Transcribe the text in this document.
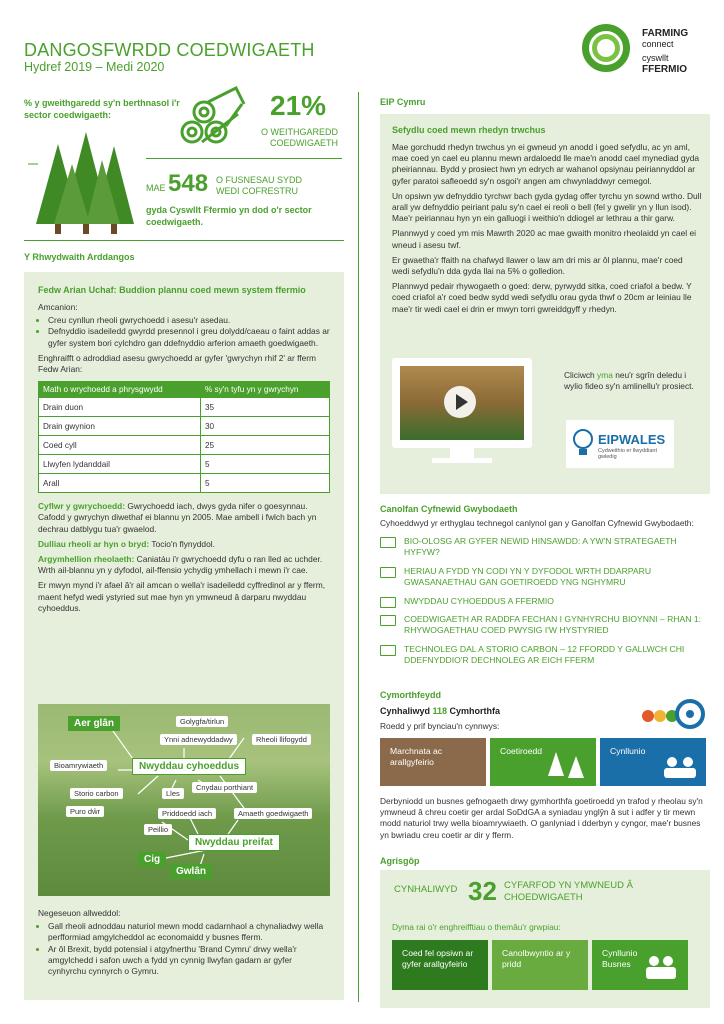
DANGOSFWRDD COEDWIGAETH
Hydref 2019 – Medi 2020
FARMING
connect
cyswllt
FFERMIO
% y gweithgaredd sy'n berthnasol i'r sector coedwigaeth:	21%
O WEITHGAREDD COEDWIGAETH
MAE 548 O FUSNESAU SYDD WEDI COFRESTRU
gyda Cyswllt Ffermio yn dod o'r sector coedwigaeth.
Y Rhwydwaith Arddangos
Fedw Arian Uchaf: Buddion plannu coed mewn system ffermio
Amcanion:
• Creu cynllun rheoli gwrychoedd i asesu'r asedau.
• Defnyddio isadeiledd gwyrdd presennol i greu dolydd/caeau o faint addas ar gyfer system bori cylchdro gan ddefnyddio arferion amaeth goedwigaeth.
Enghraifft o adroddiad asesu gwrychoedd ar gyfer 'gwrychyn rhif 2' ar fferm Fedw Arian:
Math o wrychoedd a phrysgwydd	% sy'n tyfu yn y gwrychyn
Drain duon	35
Drain gwynion	30
Coed cyll	25
Llwyfen lydanddail	5
Arall	5
Cyflwr y gwrychoedd: Gwrychoedd iach, dwys gyda nifer o goesynnau. Cafodd y gwrychyn diwethaf ei blannu yn 2005. Mae ambell i fwlch bach yn dechrau datblygu tua'r gwaelod.
Dulliau rheoli ar hyn o bryd: Tocio'n flynyddol.
Argymhellion rheolaeth: Caniatáu i'r gwrychoedd dyfu o ran lled ac uchder. Wrth ail-blannu yn y dyfodol, ail-ffensio ychydig ymhellach i mewn i'r cae.
Er mwyn mynd i'r afael â'r ail amcan o wella'r isadeiledd cyffredinol ar y fferm, maent hefyd wedi ystyried sut mae hyn yn ymwneud â darparu nwyddau cyhoeddus.
Aer glân	Golygfa/tirlun
Ynni adnewyddadwy	Rheoli llifogydd
Bioamrywiaeth	Nwyddau cyhoeddus
Storio carbon	Lles
Cnydau porthiant
Puro dŵr	Priddoedd iach	Amaeth goedwigaeth
Peillio
Nwyddau preifat
Cig
Gwlân
Negeseuon allweddol:
• Gall rheoli adnoddau naturiol mewn modd cadarnhaol a chynaliadwy wella perfformiad amgylcheddol ac economaidd y busnes fferm.
• Ar ôl Brexit, bydd potensial i atgyfnerthu 'Brand Cymru' drwy wella'r amgylchedd i safon uwch a fydd yn cynnig llwyfan gadarn ar gyfer cynhyrchu cynnyrch o Gymru.
EIP Cymru
Sefydlu coed mewn rhedyn trwchus
Mae gorchudd rhedyn trwchus yn ei gwneud yn anodd i goed sefydlu, ac yn aml, mae coed yn cael eu plannu mewn ardaloedd lle mae'n anodd cael mynediad gyda pheiriannau. Bydd y prosiect hwn yn edrych ar wahanol opsiynau peiriannyddol ar gyfer paratoi safleoedd sy'n osgoi'r angen am chwynladdwyr cemegol.
Un opsiwn yw defnyddio tyrchwr bach gyda gydag offer tyrchu yn sownd wrtho. Dull arall yw defnyddio peiriant palu sy'n cael ei reoli o bell (fel y gwelir yn y llun isod). Mae'r peiriannau hyn yn ein galluogi i weithio'n ddiogel ar lethrau a thir garw.
Plannwyd y coed ym mis Mawrth 2020 ac mae gwaith monitro rheolaidd yn cael ei wneud i asesu twf.
Er gwaetha'r ffaith na chafwyd llawer o law am dri mis ar ôl plannu, mae'r coed wedi sefydlu'n dda gyda llai na 5% o golledion.
Plannwyd pedair rhywogaeth o goed: derw, pyrwydd sitka, coed criafol a bedw. Y coed criafol a'r coed bedw sydd wedi sefydlu orau gyda thwf o 20cm ar leiniau lle mae'r tir wedi cael ei drin er mwyn torri gwreiddgyff y rhedyn.
Cliciwch yma neu'r sgrîn deledu i wylio fideo sy'n amlinellu'r prosiect.
EIPWALES
Cydweithio er llwyddiant gwledig
Canolfan Cyfnewid Gwybodaeth
Cyhoeddwyd yr erthyglau technegol canlynol gan y Ganolfan Cyfnewid Gwybodaeth:
BIO-OLOSG AR GYFER NEWID HINSAWDD: A YW'N STRATEGAETH HYFYW?
HERIAU A FYDD YN CODI YN Y DYFODOL WRTH DDARPARU GWASANAETHAU GAN GOETIROEDD YNG NGHYMRU
NWYDDAU CYHOEDDUS A FFERMIO
COEDWIGAETH AR RADDFA FECHAN I GYNHYRCHU BIOYNNI – RHAN 1: RHYWOGAETHAU COED PWYSIG I'W HYSTYRIED
TECHNOLEG DAL A STORIO CARBON – 12 FFORDD Y GALLWCH CHI DDEFNYDDIO'R DECHNOLEG AR EICH FFERM
Cymorthfeydd
Cynhaliwyd 118 Cymhorthfa
Roedd y prif bynciau'n cynnwys:
Marchnata ac arallgyfeirio
Coetiroedd	Cynllunio
Derbyniodd un busnes gefnogaeth drwy gymhorthfa goetiroedd yn trafod y rheolau sy'n ymwneud â chreu coetir ger ardal SoDdGA a syniadau ynglŷn â sut i adfer y tir mewn modd naturiol trwy wella bioamrywiaeth. O ganlyniad i dderbyn y cyngor, mae'r busnes yn bwriadu creu coetir ar dir y fferm.
Agrisgôp
CYNHALIWYD 32 CYFARFOD YN YMWNEUD Â CHOEDWIGAETH
Dyma rai o'r enghreifftiau o themâu'r grwpiau:
Coed fel opsiwn ar gyfer arallgyfeirio
Canolbwyntio ar y pridd
Cynllunio Busnes
